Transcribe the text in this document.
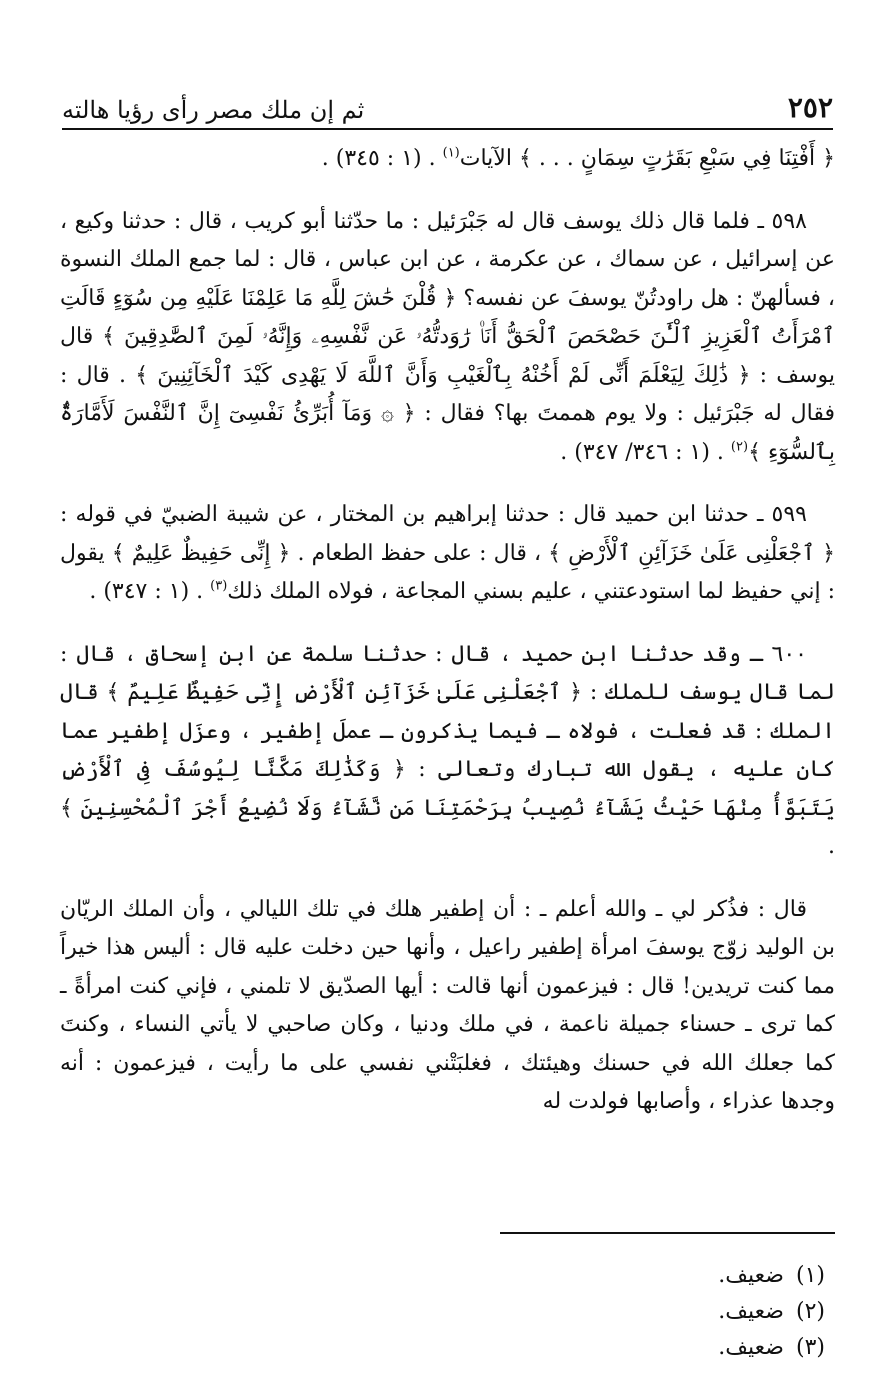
٢٥٢
ثم إن ملك مصر رأى رؤيا هالته

﴿ أَفْتِنَا فِي سَبْعِ بَقَرَٰتٍ سِمَانٍ . . . ﴾ الآيات$^{(١)}$ . (١ : ٣٤٥) .

٥٩٨ ـ فلما قال ذلك يوسف قال له جَبْرَئيل : ما حدّثنا أبو كريب ، قال : حدثنا وكيع ، عن إسرائيل ، عن سماك ، عن عكرمة ، عن ابن عباس ، قال : لما جمع الملك النسوة ، فسألهنّ : هل راودتُنّ يوسفَ عن نفسه؟ ﴿ قُلْنَ حَٰشَ لِلَّهِ مَا عَلِمْنَا عَلَيْهِ مِن سُوٓءٍ قَالَتِ ٱمْرَأَتُ ٱلْعَزِيزِ ٱلْـَٰٔنَ حَصْحَصَ ٱلْحَقُّ أَنَا۠ رَٰوَدتُّهُۥ عَن نَّفْسِهِۦ وَإِنَّهُۥ لَمِنَ ٱلصَّٰدِقِينَ ﴾ قال يوسف : ﴿ ذَٰلِكَ لِيَعْلَمَ أَنِّى لَمْ أَخُنْهُ بِٱلْغَيْبِ وَأَنَّ ٱللَّهَ لَا يَهْدِى كَيْدَ ٱلْخَآئِنِينَ ﴾ . قال : فقال له جَبْرَئيل : ولا يوم هممتَ بها؟ فقال : ﴿ ۞ وَمَآ أُبَرِّئُ نَفْسِىٓ إِنَّ ٱلنَّفْسَ لَأَمَّارَةٌۢ بِٱلسُّوٓءِ ﴾$^{(٢)}$ . (١ : ٣٤٦/ ٣٤٧) .

٥٩٩ ـ حدثنا ابن حميد قال : حدثنا إبراهيم بن المختار ، عن شيبة الضبيّ في قوله : ﴿ ٱجْعَلْنِى عَلَىٰ خَزَآئِنِ ٱلْأَرْضِ ﴾ ، قال : على حفظ الطعام . ﴿ إِنِّى حَفِيظٌ عَلِيمٌ ﴾ يقول : إني حفيظ لما استودعتني ، عليم بسني المجاعة ، فولاه الملك ذلك$^{(٣)}$ . (١ : ٣٤٧) .

٦٠٠ ـ وقد حدثنا ابن حميد ، قال : حدثنا سلمة عن ابن إسحاق ، قال : لما قال يوسف للملك : ﴿ ٱجْعَلْنِى عَلَىٰ خَزَآئِنِ ٱلْأَرْضِ إِنِّى حَفِيظٌ عَلِيمٌ ﴾ قال الملك : قد فعلت ، فولاه ـ فيما يذكرون ـ عملَ إطفير ، وعزَل إطفير عما كان عليه ، يقول الله تبارك وتعالى : ﴿ وَكَذَٰلِكَ مَكَّنَّا لِيُوسُفَ فِى ٱلْأَرْضِ يَتَبَوَّأُ مِنْهَا حَيْثُ يَشَآءُ نُصِيبُ بِرَحْمَتِنَا مَن نَّشَآءُ وَلَا نُضِيعُ أَجْرَ ٱلْمُحْسِنِينَ ﴾ .

قال : فذُكر لي ـ والله أعلم ـ : أن إطفير هلك في تلك الليالي ، وأن الملك الريّان بن الوليد زوّج يوسفَ امرأة إطفير راعيل ، وأنها حين دخلت عليه قال : أليس هذا خيراً مما كنت تريدين! قال : فيزعمون أنها قالت : أيها الصدّيق لا تلمني ، فإني كنت امرأةً ـ كما ترى ـ حسناء جميلة ناعمة ، في ملك ودنيا ، وكان صاحبي لا يأتي النساء ، وكنتَ كما جعلك الله في حسنك وهيئتك ، فغلبَتْني نفسي على ما رأيت ، فيزعمون : أنه وجدها عذراء ، وأصابها فولدت له

(١)
ضعيف.
(٢)
ضعيف.
(٣)
ضعيف.
